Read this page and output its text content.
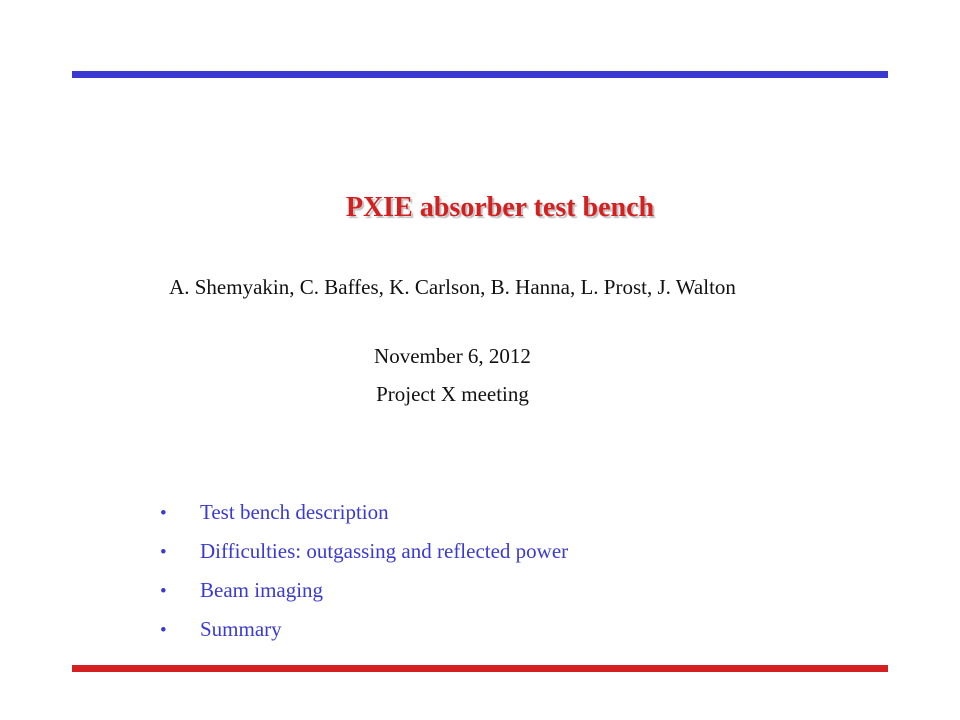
PXIE absorber test bench
A. Shemyakin, C. Baffes, K. Carlson, B. Hanna, L. Prost, J. Walton
November 6, 2012
Project X meeting
• Test bench description
• Difficulties: outgassing and reflected power
• Beam imaging
• Summary
